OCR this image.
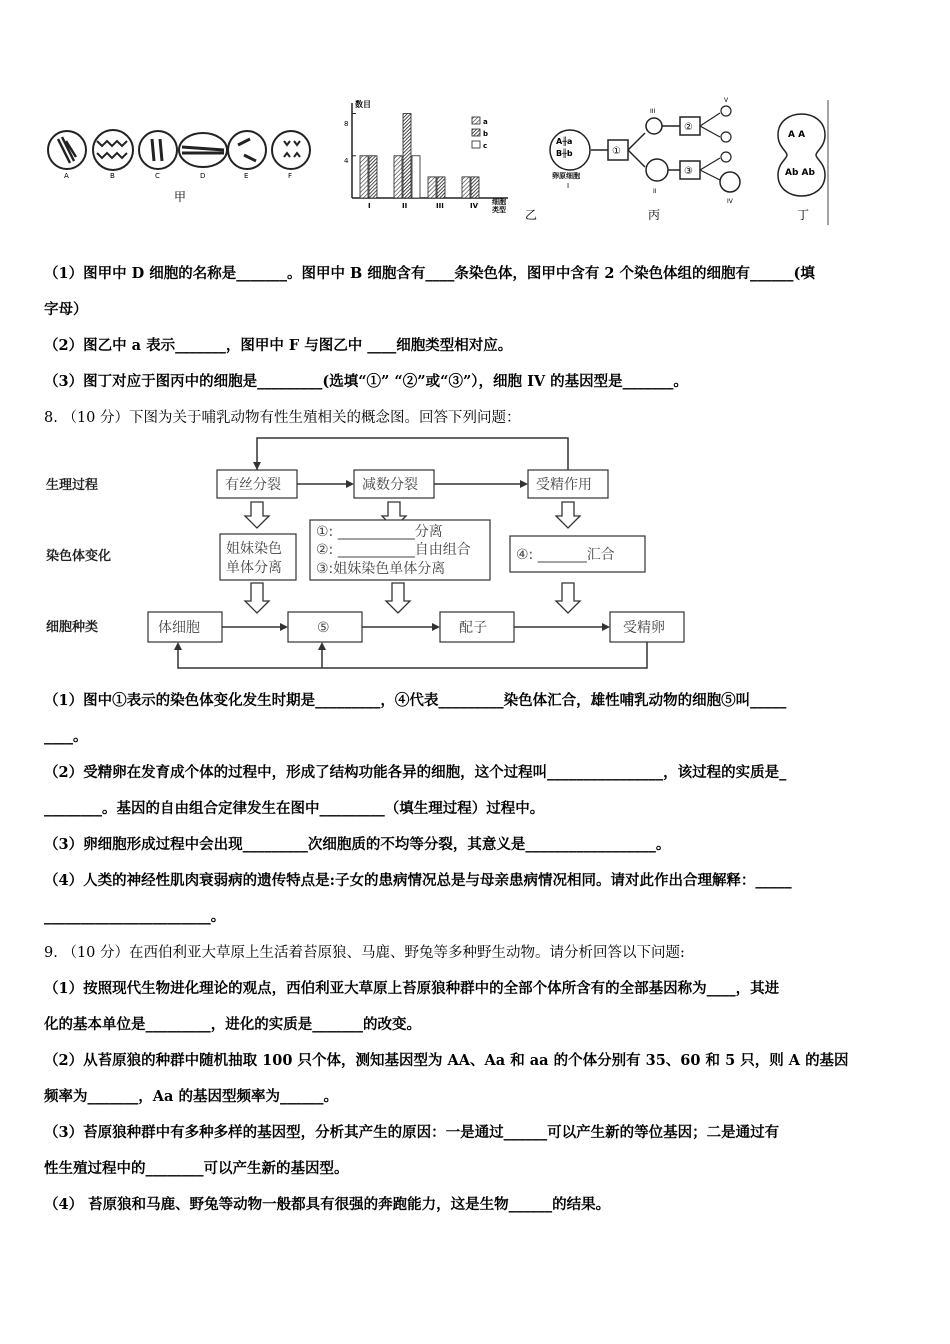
A	B	C	D	E	F
甲
数目
8
4
I	II	III	IV 细胞
类型
a
b
c
乙
A╫a
B╫b
卵原细胞
I
①
III
II
②
③
V
IV
丙
A A
Ab Ab
丁
（1）图甲中 D 细胞的名称是_______。图甲中 B 细胞含有____条染色体，图甲中含有 2 个染色体组的细胞有______(填
字母）
（2）图乙中 a 表示_______，图甲中 F 与图乙中 ____细胞类型相对应。
（3）图丁对应于图丙中的细胞是_________(选填“①” “②”或“③”），细胞 IV 的基因型是_______。
8. （10 分）下图为关于哺乳动物有性生殖相关的概念图。回答下列问题：
生理过程
染色体变化
细胞种类
有丝分裂	减数分裂	受精作用
姐妹染色
单体分离
①: ___________分离
②: ___________自由组合
③:姐妹染色单体分离
④: _______汇合
体细胞	⑤	配子	受精卵
（1）图中①表示的染色体变化发生时期是_________，④代表_________染色体汇合，雄性哺乳动物的细胞⑤叫_____
____。
（2）受精卵在发育成个体的过程中，形成了结构功能各异的细胞，这个过程叫________________，该过程的实质是_
________。基因的自由组合定律发生在图中_________（填生理过程）过程中。
（3）卵细胞形成过程中会出现_________次细胞质的不均等分裂，其意义是__________________。
（4）人类的神经性肌肉衰弱病的遗传特点是:子女的患病情况总是与母亲患病情况相同。请对此作出合理解释：_____
_______________________。
9. （10 分）在西伯利亚大草原上生活着苔原狼、马鹿、野兔等多种野生动物。请分析回答以下问题:
（1）按照现代生物进化理论的观点，西伯利亚大草原上苔原狼种群中的全部个体所含有的全部基因称为____，其进
化的基本单位是_________，进化的实质是_______的改变。
（2）从苔原狼的种群中随机抽取 100 只个体，测知基因型为 AA、Aa 和 aa 的个体分别有 35、60 和 5 只，则 A 的基因
频率为_______，Aa 的基因型频率为______。
（3）苔原狼种群中有多种多样的基因型，分析其产生的原因：一是通过______可以产生新的等位基因；二是通过有
性生殖过程中的________可以产生新的基因型。
（4） 苔原狼和马鹿、野兔等动物一般都具有很强的奔跑能力，这是生物______的结果。
